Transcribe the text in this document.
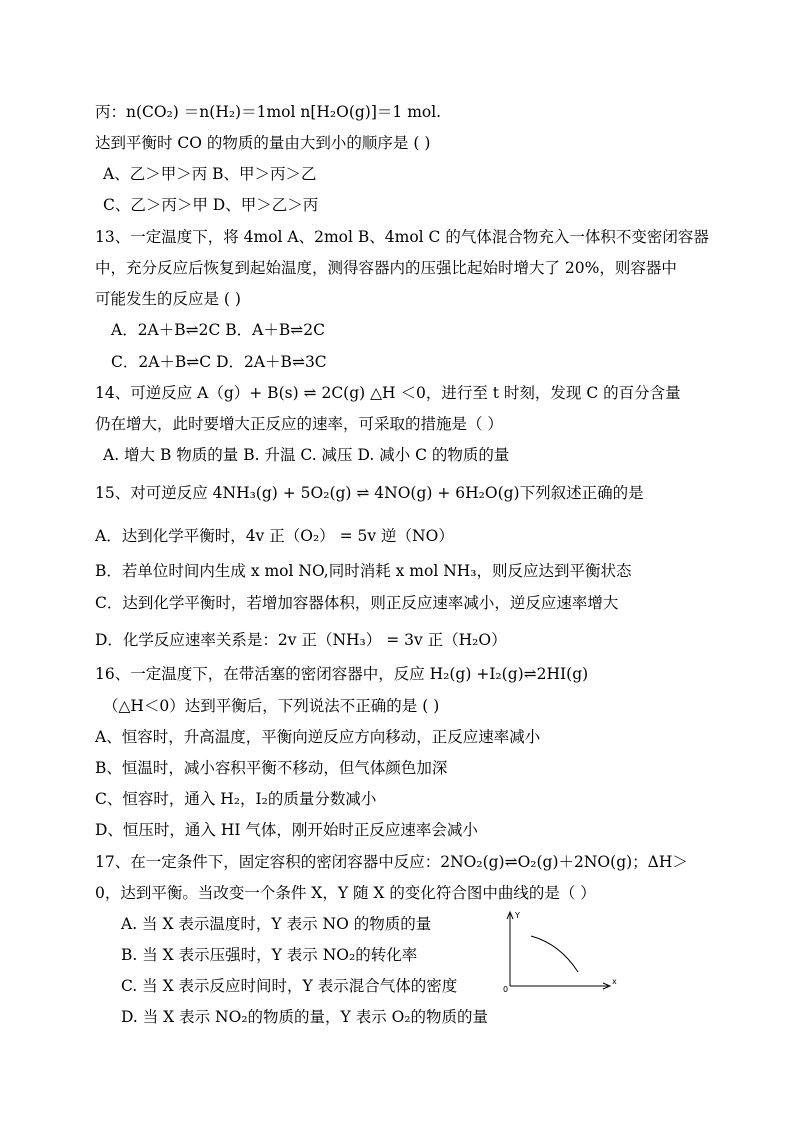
丙：n(CO₂) ＝n(H₂)＝1mol n[H₂O(g)]＝1 mol.
达到平衡时 CO 的物质的量由大到小的顺序是 ( )
A、乙＞甲＞丙 B、甲＞丙＞乙
C、乙＞丙＞甲 D、甲＞乙＞丙
13、一定温度下，将 4mol A、2mol B、4mol C 的气体混合物充入一体积不变密闭容器
中，充分反应后恢复到起始温度，测得容器内的压强比起始时增大了 20%，则容器中
可能发生的反应是 ( )
A．2A＋B⇌2C B．A＋B⇌2C
C．2A＋B⇌C D．2A＋B⇌3C
14、可逆反应 A（g）+ B(s) ⇌ 2C(g) △H ＜0，进行至 t 时刻，发现 C 的百分含量
仍在增大，此时要增大正反应的速率，可采取的措施是（ ）
A. 增大 B 物质的量 B. 升温 C. 减压 D. 减小 C 的物质的量
15、对可逆反应 4NH₃(g) + 5O₂(g) ⇌ 4NO(g) + 6H₂O(g)下列叙述正确的是
A．达到化学平衡时，4v 正（O₂） = 5v 逆（NO）
B．若单位时间内生成 x mol NO,同时消耗 x mol NH₃，则反应达到平衡状态
C．达到化学平衡时，若增加容器体积，则正反应速率减小，逆反应速率增大
D．化学反应速率关系是：2v 正（NH₃） = 3v 正（H₂O）
16、一定温度下，在带活塞的密闭容器中，反应 H₂(g) +I₂(g)⇌2HI(g)
（△H＜0）达到平衡后，下列说法不正确的是 ( )
A、恒容时，升高温度，平衡向逆反应方向移动，正反应速率减小
B、恒温时，减小容积平衡不移动，但气体颜色加深
C、恒容时，通入 H₂，I₂的质量分数减小
D、恒压时，通入 HI 气体，刚开始时正反应速率会减小
17、在一定条件下，固定容积的密闭容器中反应：2NO₂(g)⇌O₂(g)＋2NO(g)；ΔH＞
0，达到平衡。当改变一个条件 X，Y 随 X 的变化符合图中曲线的是（ ）
A. 当 X 表示温度时，Y 表示 NO 的物质的量
B. 当 X 表示压强时，Y 表示 NO₂的转化率
C. 当 X 表示反应时间时，Y 表示混合气体的密度
D. 当 X 表示 NO₂的物质的量，Y 表示 O₂的物质的量
Y
x
0
